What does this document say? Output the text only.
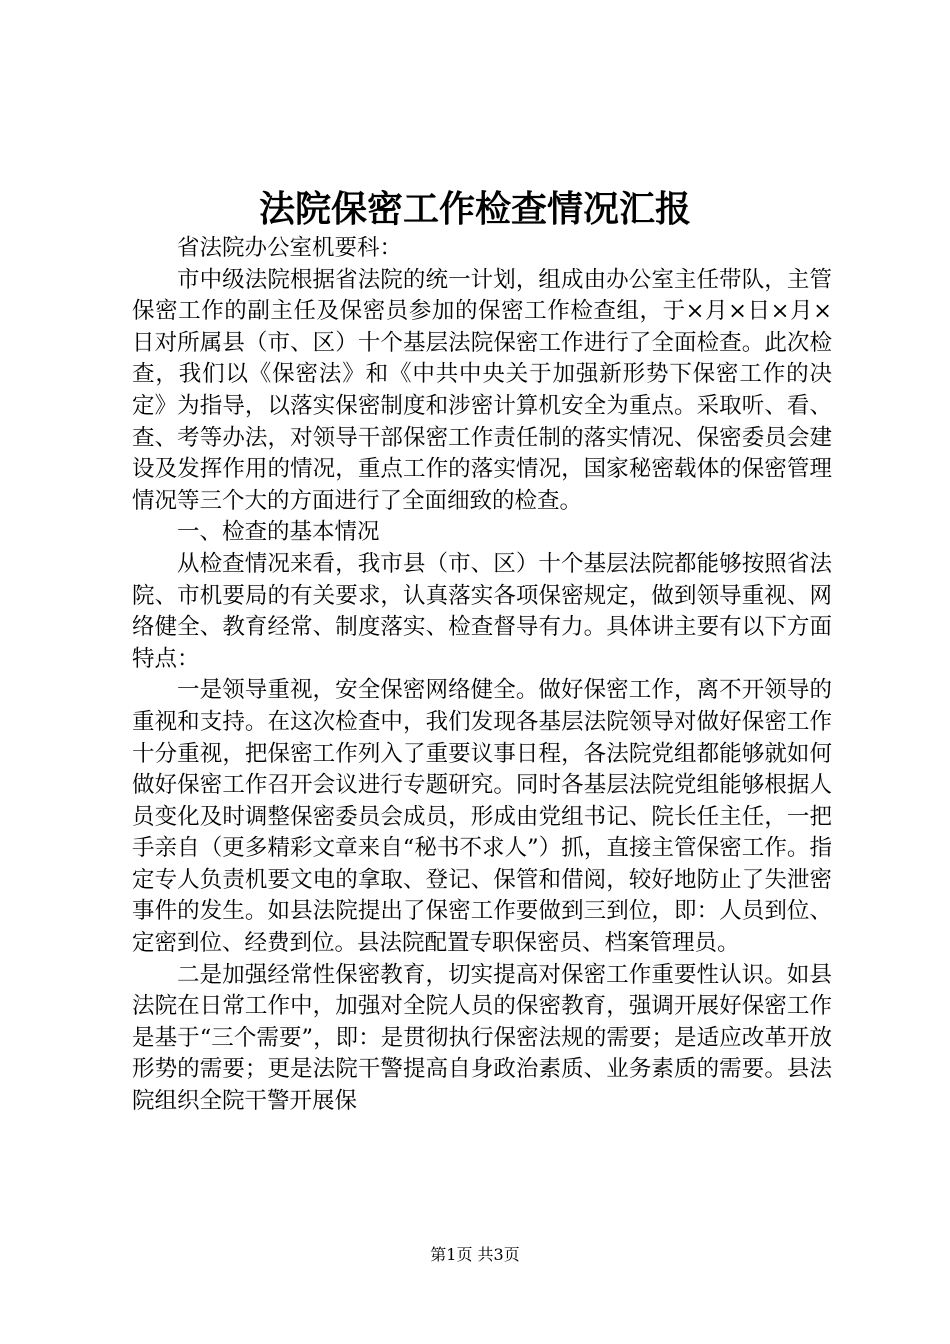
法院保密工作检查情况汇报

省法院办公室机要科：

市中级法院根据省法院的统一计划，组成由办公室主任带队，主管保密工作的副主任及保密员参加的保密工作检查组，于×月×日×月×日对所属县（市、区）十个基层法院保密工作进行了全面检查。此次检查，我们以《保密法》和《中共中央关于加强新形势下保密工作的决定》为指导，以落实保密制度和涉密计算机安全为重点。采取听、看、查、考等办法，对领导干部保密工作责任制的落实情况、保密委员会建设及发挥作用的情况，重点工作的落实情况，国家秘密载体的保密管理情况等三个大的方面进行了全面细致的检查。

一、检查的基本情况

从检查情况来看，我市县（市、区）十个基层法院都能够按照省法院、市机要局的有关要求，认真落实各项保密规定，做到领导重视、网络健全、教育经常、制度落实、检查督导有力。具体讲主要有以下方面特点：

一是领导重视，安全保密网络健全。做好保密工作，离不开领导的重视和支持。在这次检查中，我们发现各基层法院领导对做好保密工作十分重视，把保密工作列入了重要议事日程，各法院党组都能够就如何做好保密工作召开会议进行专题研究。同时各基层法院党组能够根据人员变化及时调整保密委员会成员，形成由党组书记、院长任主任，一把手亲自（更多精彩文章来自“秘书不求人”）抓，直接主管保密工作。指定专人负责机要文电的拿取、登记、保管和借阅，较好地防止了失泄密事件的发生。如县法院提出了保密工作要做到三到位，即：人员到位、定密到位、经费到位。县法院配置专职保密员、档案管理员。

二是加强经常性保密教育，切实提高对保密工作重要性认识。如县法院在日常工作中，加强对全院人员的保密教育，强调开展好保密工作是基于“三个需要”，即：是贯彻执行保密法规的需要；是适应改革开放形势的需要；更是法院干警提高自身政治素质、业务素质的需要。县法院组织全院干警开展保

第1页 共3页
